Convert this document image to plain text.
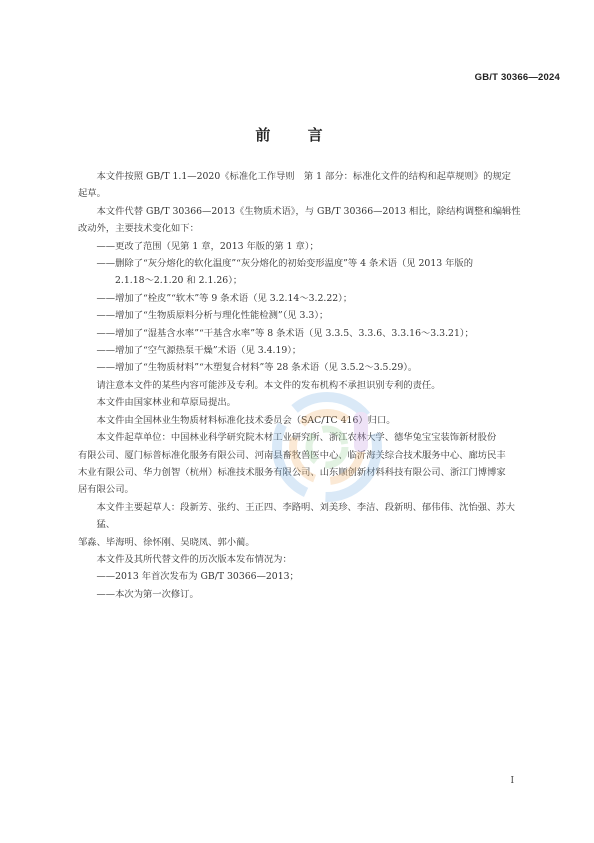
GB/T 30366—2024
前 言
本文件按照 GB/T 1.1—2020《标准化工作导则　第 1 部分：标准化文件的结构和起草规则》的规定
起草。
本文件代替 GB/T 30366—2013《生物质术语》，与 GB/T 30366—2013 相比，除结构调整和编辑性
改动外，主要技术变化如下：
——更改了范围（见第 1 章，2013 年版的第 1 章）；
——删除了“灰分熔化的软化温度”“灰分熔化的初始变形温度”等 4 条术语（见 2013 年版的
2.1.18～2.1.20 和 2.1.26）；
——增加了“栓皮”“软木”等 9 条术语（见 3.2.14～3.2.22）；
——增加了“生物质原料分析与理化性能检测”（见 3.3）；
——增加了“湿基含水率”“干基含水率”等 8 条术语（见 3.3.5、3.3.6、3.3.16～3.3.21）；
——增加了“空气源热泵干燥”术语（见 3.4.19）；
——增加了“生物质材料”“木塑复合材料”等 28 条术语（见 3.5.2～3.5.29）。
请注意本文件的某些内容可能涉及专利。本文件的发布机构不承担识别专利的责任。
本文件由国家林业和草原局提出。
本文件由全国林业生物质材料标准化技术委员会（SAC/TC 416）归口。
本文件起草单位：中国林业科学研究院木材工业研究所、浙江农林大学、德华兔宝宝装饰新材股份
有限公司、厦门标普标准化服务有限公司、河南县畜牧兽医中心、临沂海关综合技术服务中心、廊坊民丰
木业有限公司、华力创智（杭州）标准技术服务有限公司、山东顺创新材料科技有限公司、浙江门博博家
居有限公司。
本文件主要起草人：段新芳、张约、王正四、李路明、刘美珍、李洁、段新明、郁伟伟、沈怡强、苏大猛、
邹淼、毕海明、徐怀刚、吴晓凤、郭小蔺。
本文件及其所代替文件的历次版本发布情况为：
——2013 年首次发布为 GB/T 30366—2013；
——本次为第一次修订。
I
